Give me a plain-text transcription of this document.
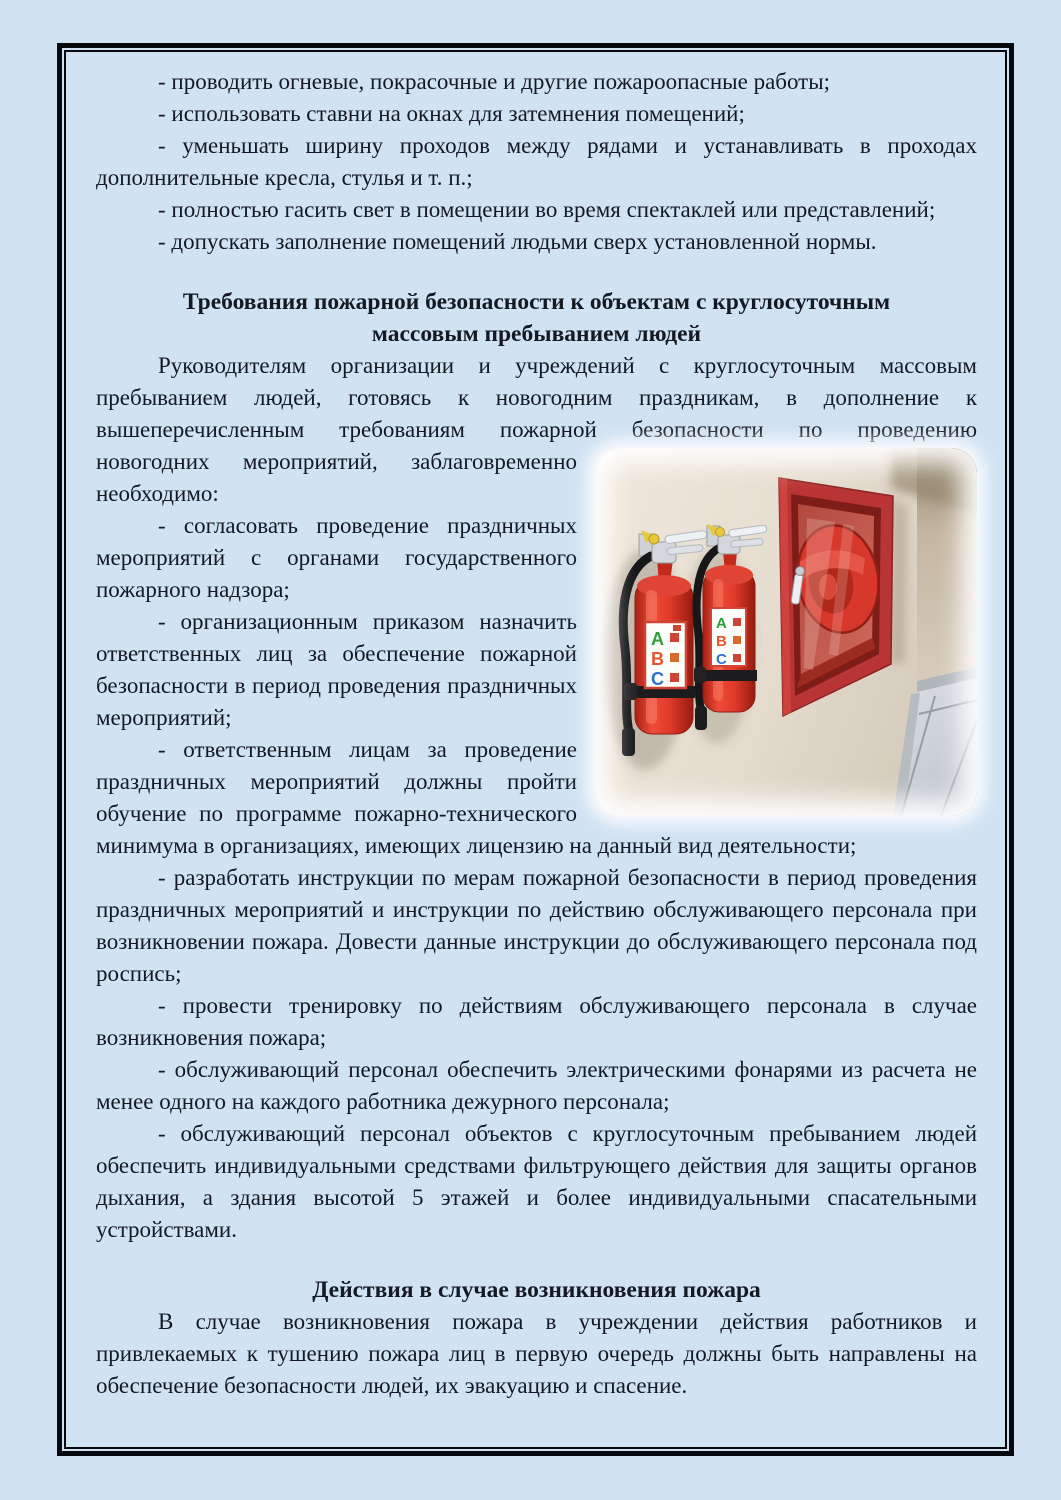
- проводить огневые, покрасочные и другие пожароопасные работы;

- использовать ставни на окнах для затемнения помещений;

- уменьшать ширину проходов между рядами и устанавливать в проходах дополнительные кресла, стулья и т. п.;

- полностью гасить свет в помещении во время спектаклей или представлений;

- допускать заполнение помещений людьми сверх установленной нормы.

Требования пожарной безопасности к объектам с круглосуточным массовым пребыванием людей

Руководителям организации и учреждений с круглосуточным массовым пребыванием людей, готовясь к новогодним праздникам, в дополнение к вышеперечисленным требованиям пожарной безопасности по проведению

A
B
C
A
B
C

новогодних мероприятий, заблаговременно необходимо:

- согласовать проведение праздничных мероприятий с органами государственного пожарного надзора;

- организационным приказом назначить ответственных лиц за обеспечение пожарной безопасности в период проведения праздничных мероприятий;

- ответственным лицам за проведение праздничных мероприятий должны пройти обучение по программе пожарно-технического минимума в организациях, имеющих лицензию на данный вид деятельности;

- разработать инструкции по мерам пожарной безопасности в период проведения праздничных мероприятий и инструкции по действию обслуживающего персонала при возникновении пожара. Довести данные инструкции до обслуживающего персонала под роспись;

- провести тренировку по действиям обслуживающего персонала в случае возникновения пожара;

- обслуживающий персонал обеспечить электрическими фонарями из расчета не менее одного на каждого работника дежурного персонала;

- обслуживающий персонал объектов с круглосуточным пребыванием людей обеспечить индивидуальными средствами фильтрующего действия для защиты органов дыхания, а здания высотой 5 этажей и более индивидуальными спасательными устройствами.

Действия в случае возникновения пожара

В случае возникновения пожара в учреждении действия работников и привлекаемых к тушению пожара лиц в первую очередь должны быть направлены на обеспечение безопасности людей, их эвакуацию и спасение.
